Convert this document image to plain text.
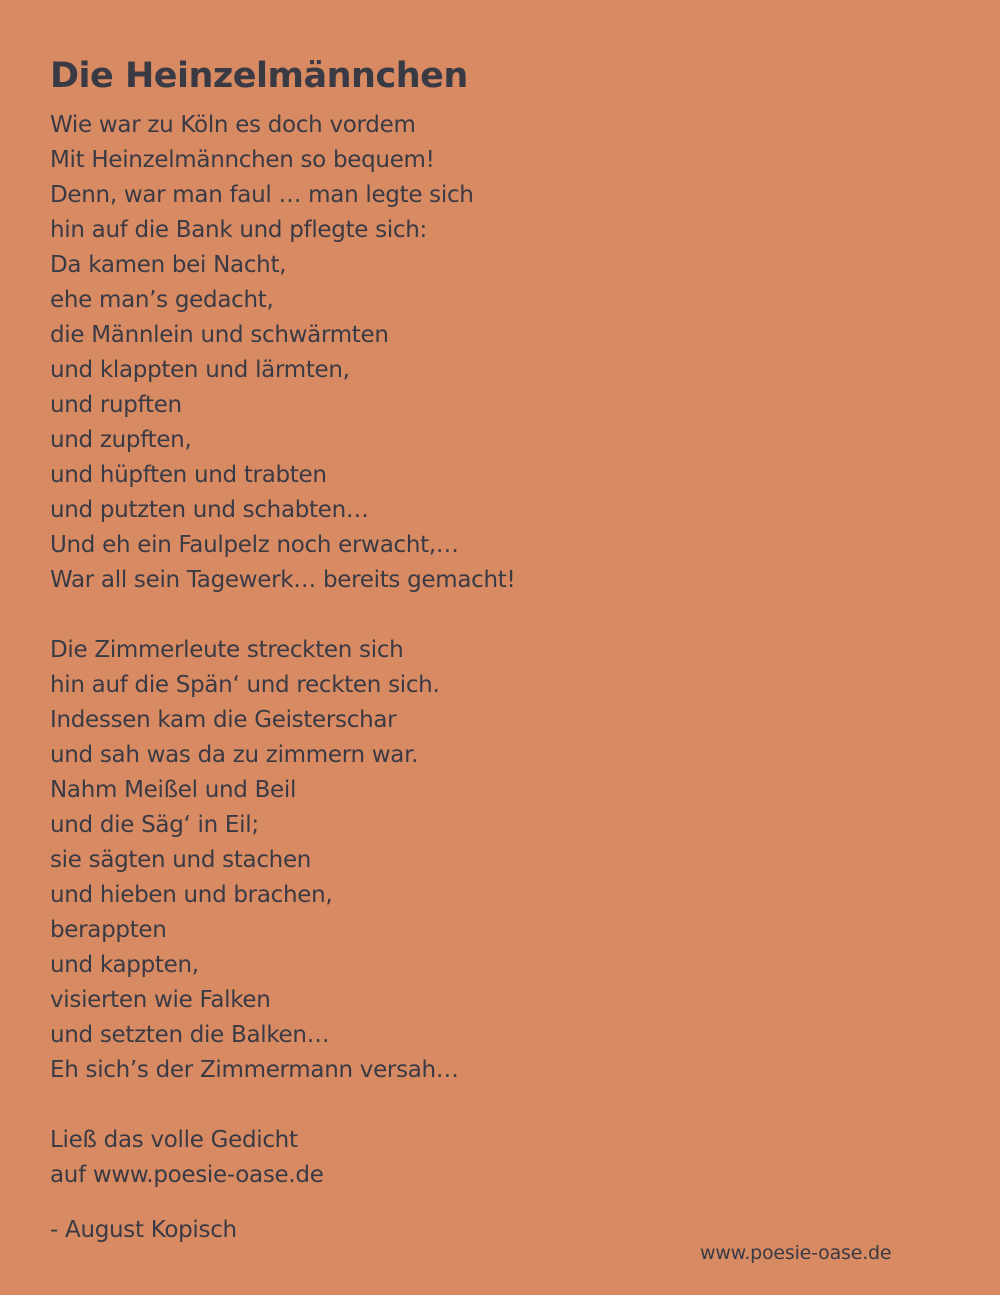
Die Heinzelmännchen
Wie war zu Köln es doch vordem
Mit Heinzelmännchen so bequem!
Denn, war man faul … man legte sich
hin auf die Bank und pflegte sich:
Da kamen bei Nacht,
ehe man’s gedacht,
die Männlein und schwärmten
und klappten und lärmten,
und rupften
und zupften,
und hüpften und trabten
und putzten und schabten…
Und eh ein Faulpelz noch erwacht,…
War all sein Tagewerk… bereits gemacht!
Die Zimmerleute streckten sich
hin auf die Spän‘ und reckten sich.
Indessen kam die Geisterschar
und sah was da zu zimmern war.
Nahm Meißel und Beil
und die Säg‘ in Eil;
sie sägten und stachen
und hieben und brachen,
berappten
und kappten,
visierten wie Falken
und setzten die Balken…
Eh sich’s der Zimmermann versah…
Ließ das volle Gedicht
auf www.poesie-oase.de
- August Kopisch
www.poesie-oase.de
